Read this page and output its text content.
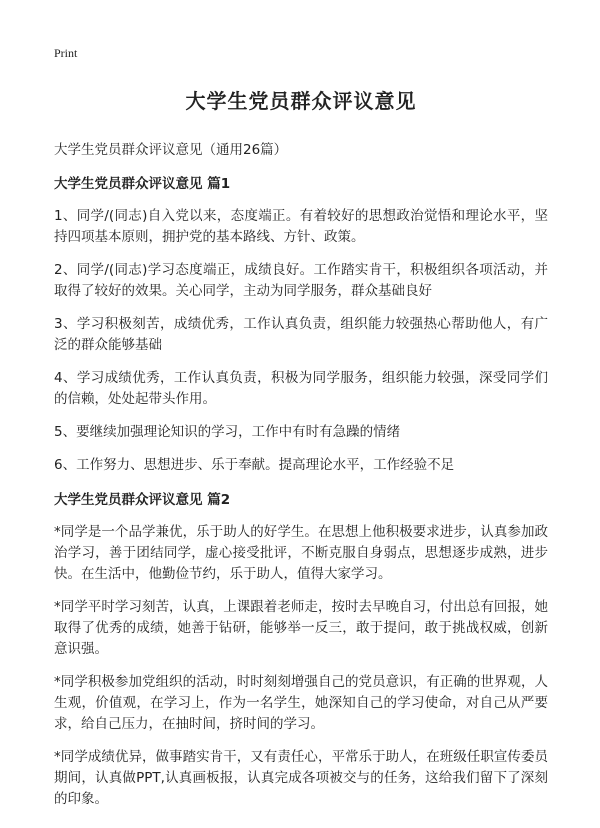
Print
大学生党员群众评议意见

大学生党员群众评议意见（通用26篇）

大学生党员群众评议意见 篇1

1、同学/(同志)自入党以来，态度端正。有着较好的思想政治觉悟和理论水平，坚持四项基本原则，拥护党的基本路线、方针、政策。

2、同学/(同志)学习态度端正，成绩良好。工作踏实肯干，积极组织各项活动，并取得了较好的效果。关心同学，主动为同学服务，群众基础良好

3、学习积极刻苦，成绩优秀，工作认真负责，组织能力较强热心帮助他人，有广泛的群众能够基础

4、学习成绩优秀，工作认真负责，积极为同学服务，组织能力较强，深受同学们的信赖，处处起带头作用。

5、要继续加强理论知识的学习，工作中有时有急躁的情绪

6、工作努力、思想进步、乐于奉献。提高理论水平，工作经验不足

大学生党员群众评议意见 篇2

*同学是一个品学兼优，乐于助人的好学生。在思想上他积极要求进步，认真参加政治学习，善于团结同学，虚心接受批评，不断克服自身弱点，思想逐步成熟，进步快。在生活中，他勤俭节约，乐于助人，值得大家学习。

*同学平时学习刻苦，认真，上课跟着老师走，按时去早晚自习，付出总有回报，她取得了优秀的成绩，她善于钻研，能够举一反三，敢于提问，敢于挑战权威，创新意识强。

*同学积极参加党组织的活动，时时刻刻增强自己的党员意识，有正确的世界观，人生观，价值观，在学习上，作为一名学生，她深知自己的学习使命，对自己从严要求，给自己压力，在抽时间，挤时间的学习。

*同学成绩优异，做事踏实肯干，又有责任心，平常乐于助人，在班级任职宣传委员期间，认真做PPT,认真画板报，认真完成各项被交与的任务，这给我们留下了深刻的印象。
